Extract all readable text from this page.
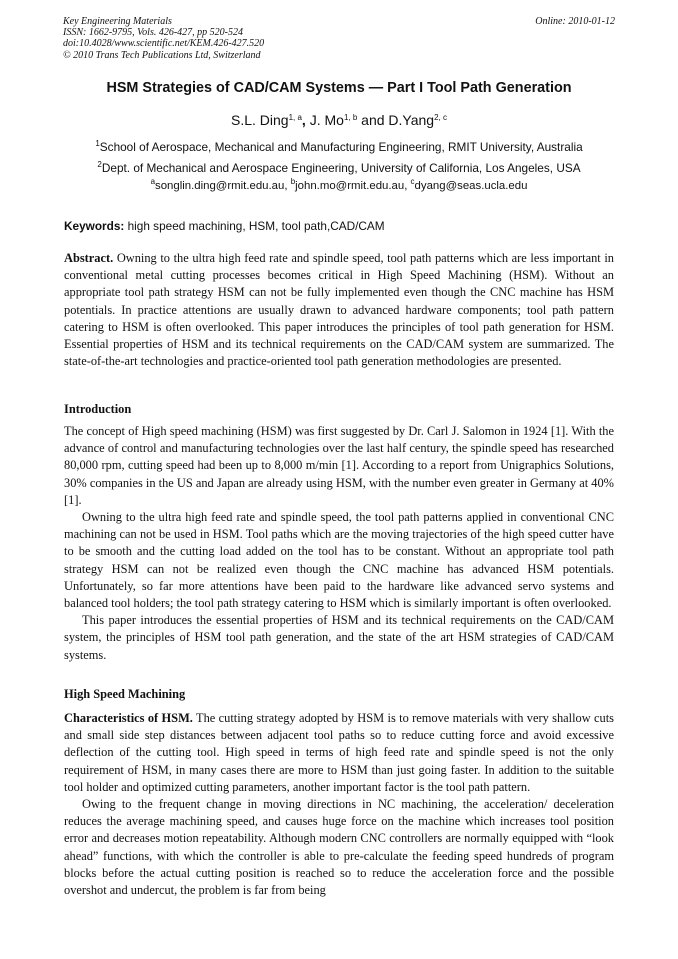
Key Engineering Materials
ISSN: 1662-9795, Vols. 426-427, pp 520-524
doi:10.4028/www.scientific.net/KEM.426-427.520
© 2010 Trans Tech Publications Ltd, Switzerland
Online: 2010-01-12
HSM Strategies of CAD/CAM Systems — Part I Tool Path Generation
S.L. Ding$^{1, a}$, J. Mo$^{1, b}$ and D.Yang$^{2, c}$
$^1$School of Aerospace, Mechanical and Manufacturing Engineering, RMIT University, Australia
$^2$Dept. of Mechanical and Aerospace Engineering, University of California, Los Angeles, USA
$^a$songlin.ding@rmit.edu.au, $^b$john.mo@rmit.edu.au, $^c$dyang@seas.ucla.edu
Keywords: high speed machining, HSM, tool path,CAD/CAM

Abstract. Owning to the ultra high feed rate and spindle speed, tool path patterns which are less important in conventional metal cutting processes becomes critical in High Speed Machining (HSM). Without an appropriate tool path strategy HSM can not be fully implemented even though the CNC machine has HSM potentials. In practice attentions are usually drawn to advanced hardware components; tool path pattern catering to HSM is often overlooked. This paper introduces the principles of tool path generation for HSM. Essential properties of HSM and its technical requirements on the CAD/CAM system are summarized. The state-of-the-art technologies and practice-oriented tool path generation methodologies are presented.

Introduction

The concept of High speed machining (HSM) was first suggested by Dr. Carl J. Salomon in 1924 [1]. With the advance of control and manufacturing technologies over the last half century, the spindle speed has researched 80,000 rpm, cutting speed had been up to 8,000 m/min [1]. According to a report from Unigraphics Solutions, 30% companies in the US and Japan are already using HSM, with the number even greater in Germany at 40% [1].

Owning to the ultra high feed rate and spindle speed, the tool path patterns applied in conventional CNC machining can not be used in HSM. Tool paths which are the moving trajectories of the high speed cutter have to be smooth and the cutting load added on the tool has to be constant. Without an appropriate tool path strategy HSM can not be realized even though the CNC machine has advanced HSM potentials. Unfortunately, so far more attentions have been paid to the hardware like advanced servo systems and balanced tool holders; the tool path strategy catering to HSM which is similarly important is often overlooked.

This paper introduces the essential properties of HSM and its technical requirements on the CAD/CAM system, the principles of HSM tool path generation, and the state of the art HSM strategies of CAD/CAM systems.

High Speed Machining

Characteristics of HSM. The cutting strategy adopted by HSM is to remove materials with very shallow cuts and small side step distances between adjacent tool paths so to reduce cutting force and avoid excessive deflection of the cutting tool. High speed in terms of high feed rate and spindle speed is not the only requirement of HSM, in many cases there are more to HSM than just going faster. In addition to the suitable tool holder and optimized cutting parameters, another important factor is the tool path pattern.

Owing to the frequent change in moving directions in NC machining, the acceleration/ deceleration reduces the average machining speed, and causes huge force on the machine which increases tool position error and decreases motion repeatability. Although modern CNC controllers are normally equipped with “look ahead” functions, with which the controller is able to pre-calculate the feeding speed hundreds of program blocks before the actual cutting position is reached so to reduce the acceleration force and the possible overshot and undercut, the problem is far from being
